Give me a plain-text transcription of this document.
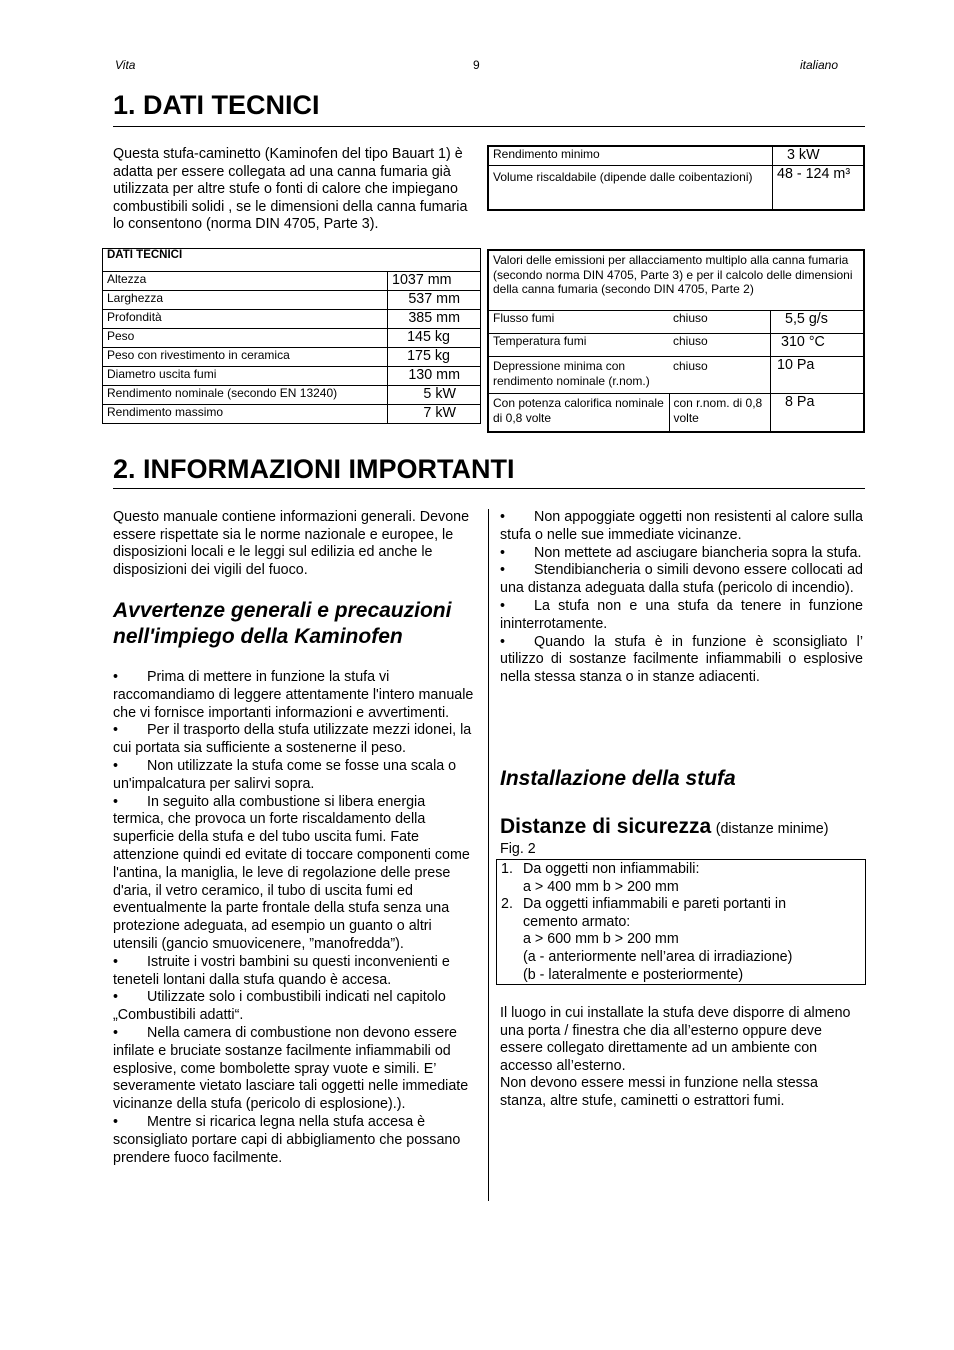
Vita	9	italiano
1. DATI TECNICI
Questa stufa-caminetto (Kaminofen del tipo Bauart 1) è adatta per essere collegata ad una canna fumaria già utilizzata per altre stufe o fonti di calore che impiegano combustibili solidi , se le dimensioni della canna fumaria lo consentono (norma DIN 4705, Parte 3).
DATI TECNICI	
Altezza	1037 mm
Larghezza	537 mm
Profondità	385 mm
Peso	145 kg
Peso con rivestimento in ceramica	175 kg
Diametro uscita fumi	130 mm
Rendimento nominale (secondo EN 13240)	5 kW
Rendimento massimo	7 kW
Rendimento minimo	3 kW
Volume riscaldabile (dipende dalle coibentazioni)	48 - 124 m³
Valori delle emissioni per allacciamento multiplo alla canna fumaria (secondo norma DIN 4705, Parte 3) e per il calcolo delle dimensioni della canna fumaria (secondo DIN 4705, Parte 2)		
Flusso fumi	chiuso	5,5 g/s
Temperatura fumi	chiuso	310 °C
Depressione minima con rendimento nominale (r.nom.)	chiuso	10 Pa
Con potenza calorifica nominale di 0,8 volte	con r.nom. di 0,8 volte	8 Pa
2. INFORMAZIONI IMPORTANTI
Questo manuale contiene informazioni generali. Devone essere rispettate sia le norme nazionale e europee, le disposizioni locali e le leggi sul edilizia ed anche le disposizioni dei vigili del fuoco.
Avvertenze generali e precauzioni nell'impiego della Kaminofen
• Prima di mettere in funzione la stufa vi raccomandiamo di leggere attentamente l'intero manuale che vi fornisce importanti informazioni e avvertimenti.
• Per il trasporto della stufa utilizzate mezzi idonei, la cui portata sia sufficiente a sostenerne il peso.
• Non utilizzate la stufa come se fosse una scala o un'impalcatura per salirvi sopra.
• In seguito alla combustione si libera energia termica, che provoca un forte riscaldamento della superficie della stufa e del tubo uscita fumi. Fate attenzione quindi ed evitate di toccare componenti come l'antina, la maniglia, le leve di regolazione delle prese d'aria, il vetro ceramico, il tubo di uscita fumi ed eventualmente la parte frontale della stufa senza una protezione adeguata, ad esempio un guanto o altri utensili (gancio smuovicenere, ”manofredda”).
• Istruite i vostri bambini su questi inconvenienti e teneteli lontani dalla stufa quando è accesa.
• Utilizzate solo i combustibili indicati nel capitolo „Combustibili adatti“.
• Nella camera di combustione non devono essere infilate e bruciate sostanze facilmente infiammabili od esplosive, come bombolette spray vuote e simili. E’ severamente vietato lasciare tali oggetti nelle immediate vicinanze della stufa (pericolo di esplosione).).
• Mentre si ricarica legna nella stufa accesa è sconsigliato portare capi di abbigliamento che possano prendere fuoco facilmente.
• Non appoggiate oggetti non resistenti al calore sulla stufa o nelle sue immediate vicinanze.
• Non mettete ad asciugare biancheria sopra la stufa.
• Stendibiancheria o simili devono essere collocati ad una distanza adeguata dalla stufa (pericolo di incendio).
• La stufa non e una stufa da tenere in funzione ininterrotamente.
• Quando la stufa è in funzione è sconsigliato l’ utilizzo di sostanze facilmente infiammabili o esplosive nella stessa stanza o in stanze adiacenti.
Installazione della stufa
Distanze di sicurezza (distanze minime)
Fig. 2
1. Da oggetti non infiammabili:
a > 400 mm b > 200 mm
2. Da oggetti infiammabili e pareti portanti in cemento armato:
a > 600 mm b > 200 mm
(a - anteriormente nell’area di irradiazione)
(b - lateralmente e posteriormente)
Il luogo in cui installate la stufa deve disporre di almeno una porta / finestra che dia all’esterno oppure deve essere collegato direttamente ad un ambiente con accesso all’esterno.
Non devono essere messi in funzione nella stessa stanza, altre stufe, caminetti o estrattori fumi.
